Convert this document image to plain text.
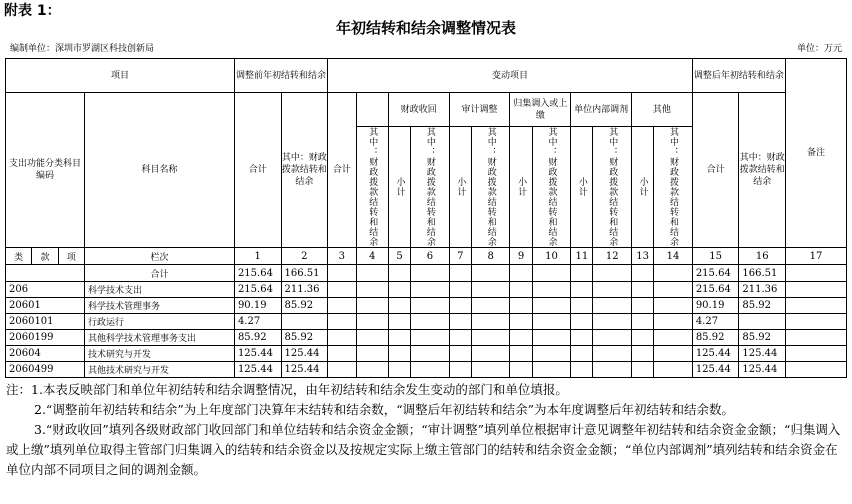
附表 1：
年初结转和结余调整情况表
编制单位：深圳市罗湖区科技创新局	单位：万元
项目				调整前年初结转和结余		变动项目												调整后年初结转和结余		备注
支出功能分类科目编码			科目名称	合计	其中：财政拨款结转和结余	合计		财政收回		审计调整		归集调入或上缴		单位内部调剂		其他		合计	其中：财政拨款结转和结余	

							其中：财政拨款结转和结余	小计	其中：财政拨款结转和结余	小计	其中：财政拨款结转和结余	小计	其中：财政拨款结转和结余	小计	其中：财政拨款结转和结余	小计	其中：财政拨款结转和结余			

类	款	项	栏次	1	2	3	4	5	6	7	8	9	10	11	12	13	14	15	16	17
			合计	215.64	166.51													215.64	166.51	
206			科学技术支出	215.64	211.36													215.64	211.36	
20601			科学技术管理事务	90.19	85.92													90.19	85.92	
2060101			行政运行	4.27														4.27		
2060199			其他科学技术管理事务支出	85.92	85.92													85.92	85.92	
20604			技术研究与开发	125.44	125.44													125.44	125.44	
2060499			其他技术研究与开发	125.44	125.44													125.44	125.44	

注：1.本表反映部门和单位年初结转和结余调整情况，由年初结转和结余发生变动的部门和单位填报。

2.“调整前年初结转和结余”为上年度部门决算年末结转和结余数，“调整后年初结转和结余”为本年度调整后年初结转和结余数。

3.“财政收回”填列各级财政部门收回部门和单位结转和结余资金金额；“审计调整”填列单位根据审计意见调整年初结转和结余资金金额；“归集调入或上缴”填列单位取得主管部门归集调入的结转和结余资金以及按规定实际上缴主管部门的结转和结余资金金额；“单位内部调剂”填列结转和结余资金在单位内部不同项目之间的调剂金额。
